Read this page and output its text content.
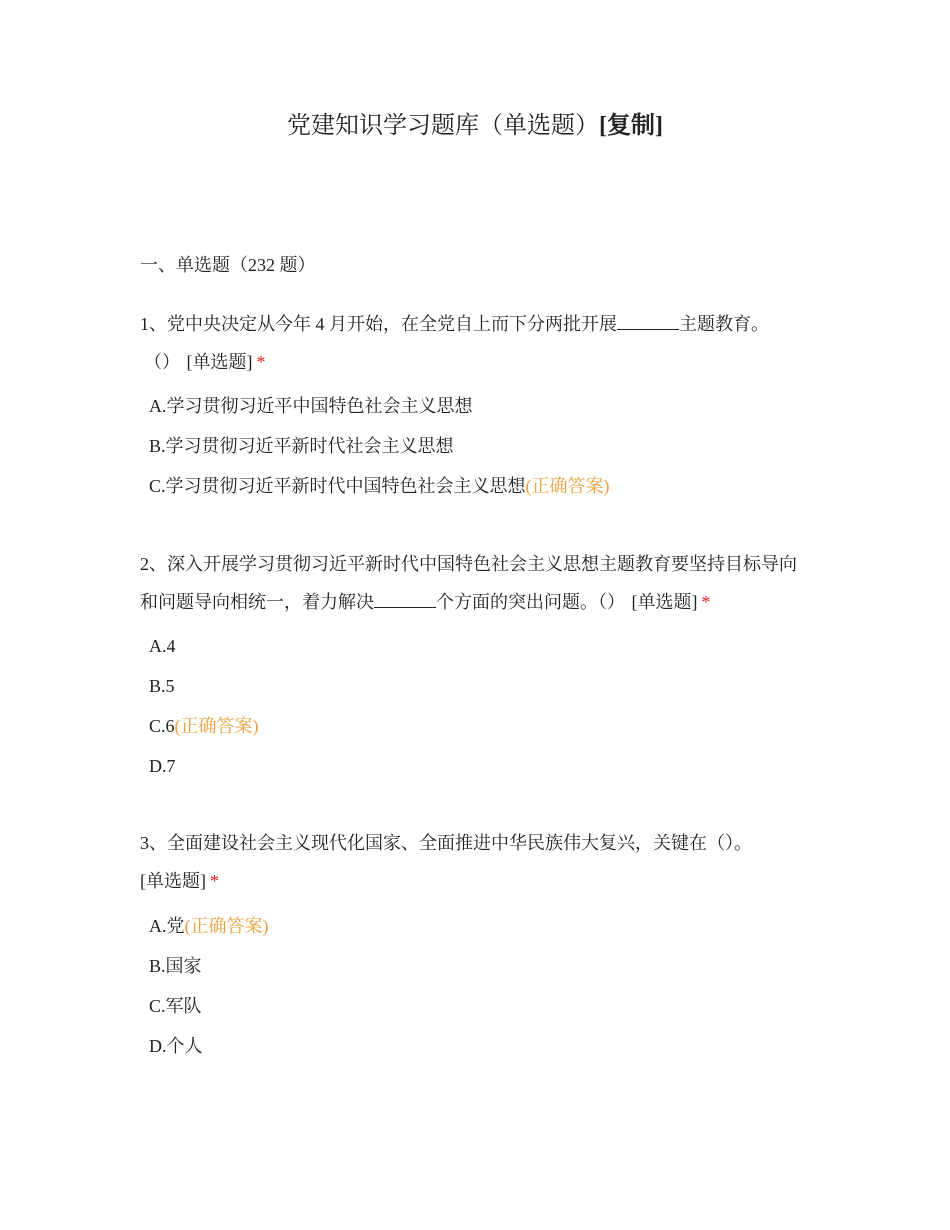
党建知识学习题库（单选题）[复制]
一、单选题（232 题）
1、党中央决定从今年 4 月开始，在全党自上而下分两批开展	主题教育。
（） [单选题] *
A.学习贯彻习近平中国特色社会主义思想
B.学习贯彻习近平新时代社会主义思想
C.学习贯彻习近平新时代中国特色社会主义思想(正确答案)
2、深入开展学习贯彻习近平新时代中国特色社会主义思想主题教育要坚持目标导向和问题导向相统一，着力解决	个方面的突出问题。（） [单选题] *
A.4
B.5
C.6(正确答案)
D.7
3、全面建设社会主义现代化国家、全面推进中华民族伟大复兴，关键在（）。
[单选题] *
A.党(正确答案)
B.国家
C.军队
D.个人
